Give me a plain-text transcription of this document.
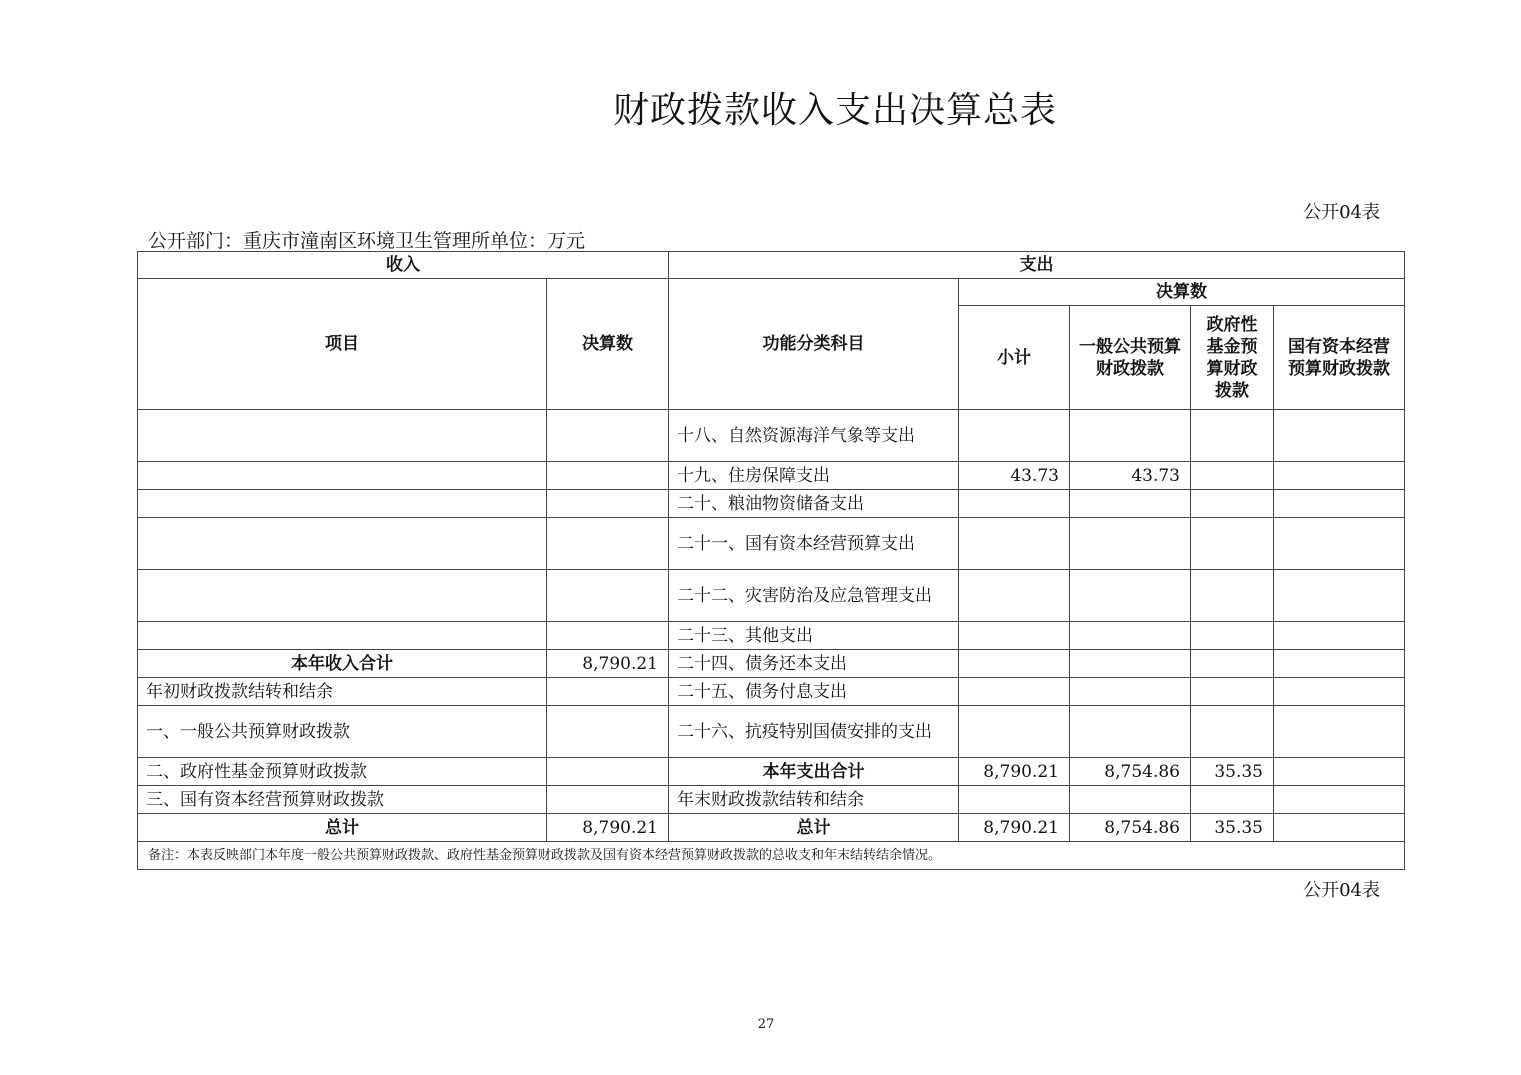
财政拨款收入支出决算总表
公开04表
公开部门：重庆市潼南区环境卫生管理所单位：万元
收入		支出				
项目	决算数	功能分类科目	决算数			
			小计	一般公共预算财政拨款	政府性基金预算财政拨款	国有资本经营预算财政拨款
		十八、自然资源海洋气象等支出				
		十九、住房保障支出	43.73	43.73		
		二十、粮油物资储备支出				
		二十一、国有资本经营预算支出				
		二十二、灾害防治及应急管理支出				
		二十三、其他支出				
本年收入合计	8,790.21	二十四、债务还本支出				
年初财政拨款结转和结余		二十五、债务付息支出				
一、一般公共预算财政拨款		二十六、抗疫特别国债安排的支出				
二、政府性基金预算财政拨款		本年支出合计	8,790.21	8,754.86	35.35	
三、国有资本经营预算财政拨款		年末财政拨款结转和结余				
总计	8,790.21	总计	8,790.21	8,754.86	35.35	
备注：本表反映部门本年度一般公共预算财政拨款、政府性基金预算财政拨款及国有资本经营预算财政拨款的总收支和年末结转结余情况。						
公开04表
27
